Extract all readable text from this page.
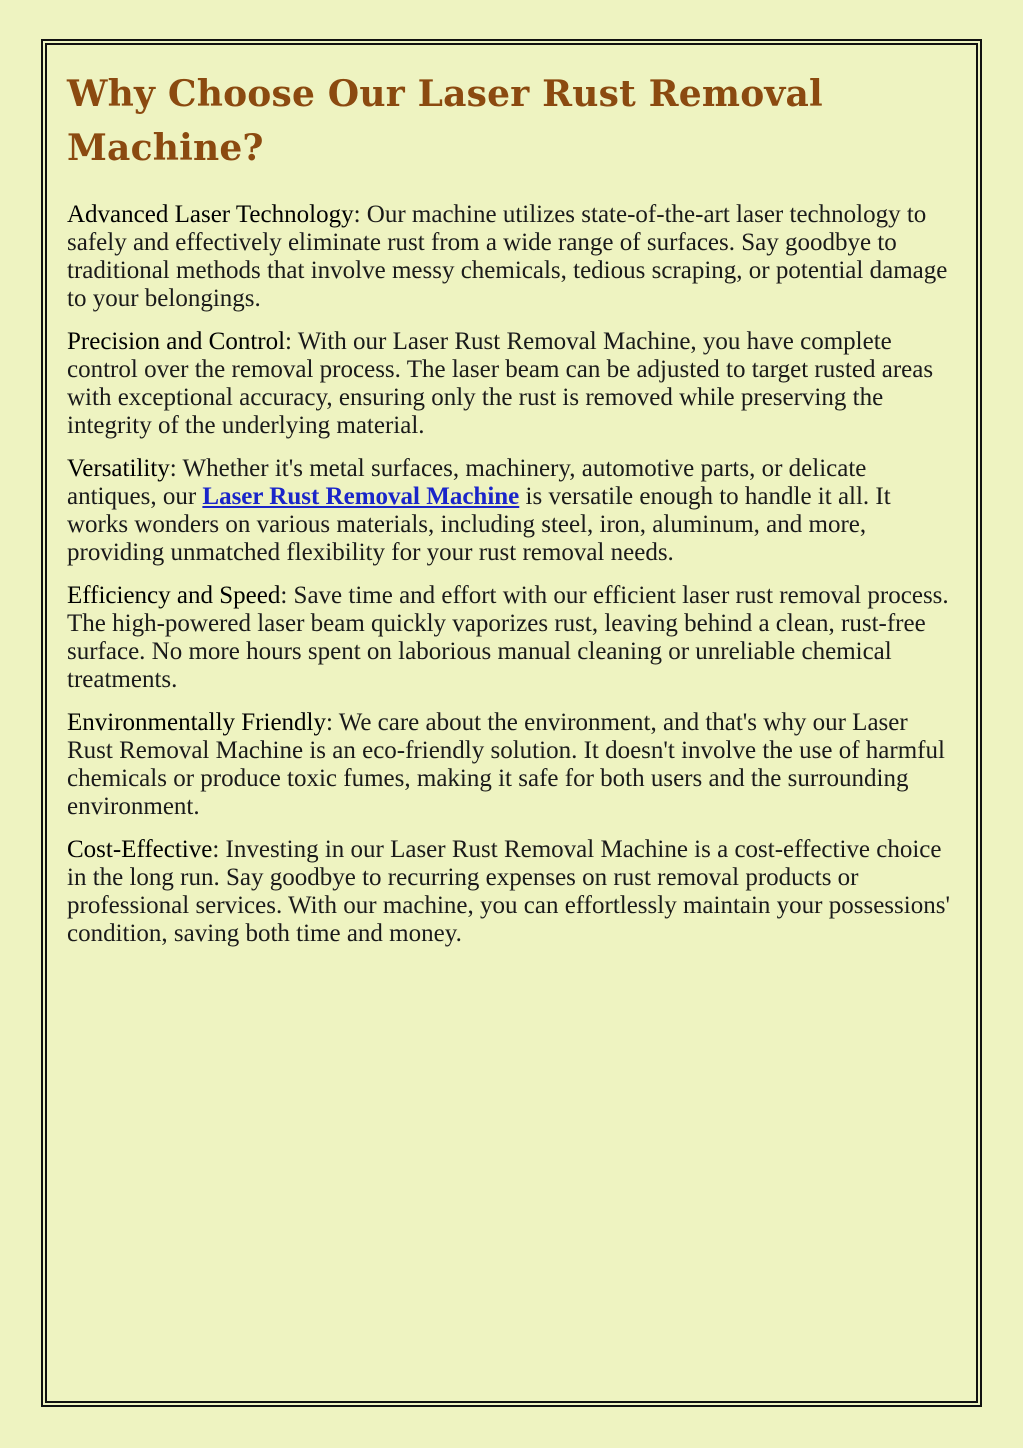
Why Choose Our Laser Rust Removal Machine?

Advanced Laser Technology: Our machine utilizes state-of-the-art laser technology to safely and effectively eliminate rust from a wide range of surfaces. Say goodbye to traditional methods that involve messy chemicals, tedious scraping, or potential damage to your belongings.

Precision and Control: With our Laser Rust Removal Machine, you have complete control over the removal process. The laser beam can be adjusted to target rusted areas with exceptional accuracy, ensuring only the rust is removed while preserving the integrity of the underlying material.

Versatility: Whether it's metal surfaces, machinery, automotive parts, or delicate antiques, our Laser Rust Removal Machine is versatile enough to handle it all. It works wonders on various materials, including steel, iron, aluminum, and more, providing unmatched flexibility for your rust removal needs.

Efficiency and Speed: Save time and effort with our efficient laser rust removal process. The high-powered laser beam quickly vaporizes rust, leaving behind a clean, rust-free surface. No more hours spent on laborious manual cleaning or unreliable chemical treatments.

Environmentally Friendly: We care about the environment, and that's why our Laser Rust Removal Machine is an eco-friendly solution. It doesn't involve the use of harmful chemicals or produce toxic fumes, making it safe for both users and the surrounding environment.

Cost-Effective: Investing in our Laser Rust Removal Machine is a cost-effective choice in the long run. Say goodbye to recurring expenses on rust removal products or professional services. With our machine, you can effortlessly maintain your possessions' condition, saving both time and money.
